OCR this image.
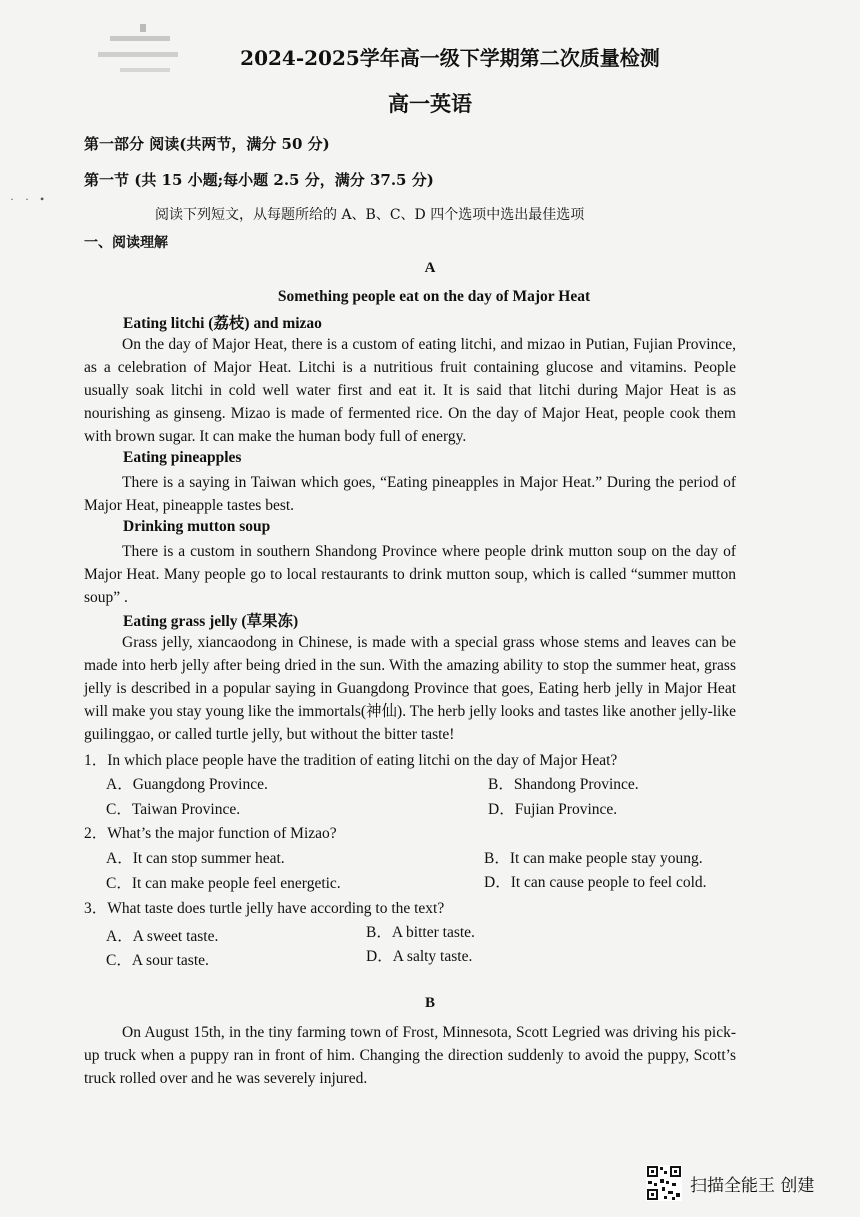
· · •
2024-2025学年高一级下学期第二次质量检测
高一英语
第一部分 阅读(共两节，满分 50 分)
第一节 (共 15 小题;每小题 2.5 分，满分 37.5 分)
阅读下列短文，从每题所给的 A、B、C、D 四个选项中选出最佳选项
一、阅读理解
A
Something people eat on the day of Major Heat
Eating litchi (荔枝) and mizao
On the day of Major Heat, there is a custom of eating litchi, and mizao in Putian, Fujian Province, as a celebration of Major Heat. Litchi is a nutritious fruit containing glucose and vitamins. People usually soak litchi in cold well water first and eat it. It is said that litchi during Major Heat is as nourishing as ginseng. Mizao is made of fermented rice. On the day of Major Heat, people cook them with brown sugar. It can make the human body full of energy.
Eating pineapples
There is a saying in Taiwan which goes, “Eating pineapples in Major Heat.” During the period of Major Heat, pineapple tastes best.
Drinking mutton soup
There is a custom in southern Shandong Province where people drink mutton soup on the day of Major Heat. Many people go to local restaurants to drink mutton soup, which is called “summer mutton soup” .
Eating grass jelly (草果冻)
Grass jelly, xiancaodong in Chinese, is made with a special grass whose stems and leaves can be made into herb jelly after being dried in the sun. With the amazing ability to stop the summer heat, grass jelly is described in a popular saying in Guangdong Province that goes, Eating herb jelly in Major Heat will make you stay young like the immortals(神仙). The herb jelly looks and tastes like another jelly-like guilinggao, or called turtle jelly, but without the bitter taste!
1．In which place people have the tradition of eating litchi on the day of Major Heat?
A．Guangdong Province.	B．Shandong Province.
C．Taiwan Province.	D．Fujian Province.
2．What’s the major function of Mizao?
A．It can stop summer heat.	B．It can make people stay young.
C．It can make people feel energetic.	D．It can cause people to feel cold.
3．What taste does turtle jelly have according to the text?
A．A sweet taste.	B．A bitter taste.
C．A sour taste.	D．A salty taste.
B
On August 15th, in the tiny farming town of Frost, Minnesota, Scott Legried was driving his pick-up truck when a puppy ran in front of him. Changing the direction suddenly to avoid the puppy, Scott’s truck rolled over and he was severely injured.
扫描全能王 创建
